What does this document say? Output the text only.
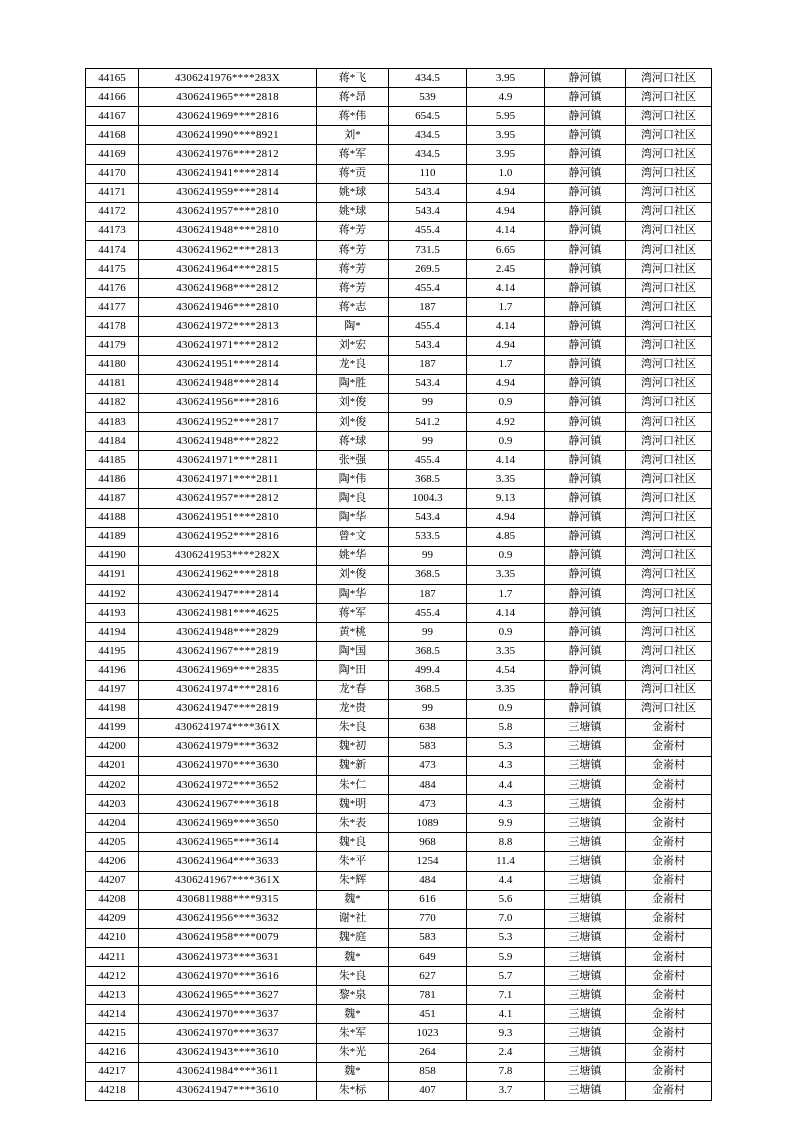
44165	4306241976****283X	蒋*飞	434.5	3.95	静河镇	湾河口社区
44166	4306241965****2818	蒋*昂	539	4.9	静河镇	湾河口社区
44167	4306241969****2816	蒋*伟	654.5	5.95	静河镇	湾河口社区
44168	4306241990****8921	刘*	434.5	3.95	静河镇	湾河口社区
44169	4306241976****2812	蒋*军	434.5	3.95	静河镇	湾河口社区
44170	4306241941****2814	蒋*贡	110	1.0	静河镇	湾河口社区
44171	4306241959****2814	姚*球	543.4	4.94	静河镇	湾河口社区
44172	4306241957****2810	姚*球	543.4	4.94	静河镇	湾河口社区
44173	4306241948****2810	蒋*芳	455.4	4.14	静河镇	湾河口社区
44174	4306241962****2813	蒋*芳	731.5	6.65	静河镇	湾河口社区
44175	4306241964****2815	蒋*芳	269.5	2.45	静河镇	湾河口社区
44176	4306241968****2812	蒋*芳	455.4	4.14	静河镇	湾河口社区
44177	4306241946****2810	蒋*志	187	1.7	静河镇	湾河口社区
44178	4306241972****2813	陶*	455.4	4.14	静河镇	湾河口社区
44179	4306241971****2812	刘*宏	543.4	4.94	静河镇	湾河口社区
44180	4306241951****2814	龙*良	187	1.7	静河镇	湾河口社区
44181	4306241948****2814	陶*胜	543.4	4.94	静河镇	湾河口社区
44182	4306241956****2816	刘*俊	99	0.9	静河镇	湾河口社区
44183	4306241952****2817	刘*俊	541.2	4.92	静河镇	湾河口社区
44184	4306241948****2822	蒋*球	99	0.9	静河镇	湾河口社区
44185	4306241971****2811	张*强	455.4	4.14	静河镇	湾河口社区
44186	4306241971****2811	陶*伟	368.5	3.35	静河镇	湾河口社区
44187	4306241957****2812	陶*良	1004.3	9.13	静河镇	湾河口社区
44188	4306241951****2810	陶*华	543.4	4.94	静河镇	湾河口社区
44189	4306241952****2816	曾*文	533.5	4.85	静河镇	湾河口社区
44190	4306241953****282X	姚*华	99	0.9	静河镇	湾河口社区
44191	4306241962****2818	刘*俊	368.5	3.35	静河镇	湾河口社区
44192	4306241947****2814	陶*华	187	1.7	静河镇	湾河口社区
44193	4306241981****4625	蒋*军	455.4	4.14	静河镇	湾河口社区
44194	4306241948****2829	黄*桃	99	0.9	静河镇	湾河口社区
44195	4306241967****2819	陶*国	368.5	3.35	静河镇	湾河口社区
44196	4306241969****2835	陶*田	499.4	4.54	静河镇	湾河口社区
44197	4306241974****2816	龙*春	368.5	3.35	静河镇	湾河口社区
44198	4306241947****2819	龙*贵	99	0.9	静河镇	湾河口社区
44199	4306241974****361X	朱*良	638	5.8	三塘镇	金嵛村
44200	4306241979****3632	魏*初	583	5.3	三塘镇	金嵛村
44201	4306241970****3630	魏*新	473	4.3	三塘镇	金嵛村
44202	4306241972****3652	朱*仁	484	4.4	三塘镇	金嵛村
44203	4306241967****3618	魏*明	473	4.3	三塘镇	金嵛村
44204	4306241969****3650	朱*表	1089	9.9	三塘镇	金嵛村
44205	4306241965****3614	魏*良	968	8.8	三塘镇	金嵛村
44206	4306241964****3633	朱*平	1254	11.4	三塘镇	金嵛村
44207	4306241967****361X	朱*辉	484	4.4	三塘镇	金嵛村
44208	4306811988****9315	魏*	616	5.6	三塘镇	金嵛村
44209	4306241956****3632	谢*社	770	7.0	三塘镇	金嵛村
44210	4306241958****0079	魏*庭	583	5.3	三塘镇	金嵛村
44211	4306241973****3631	魏*	649	5.9	三塘镇	金嵛村
44212	4306241970****3616	朱*良	627	5.7	三塘镇	金嵛村
44213	4306241965****3627	黎*泉	781	7.1	三塘镇	金嵛村
44214	4306241970****3637	魏*	451	4.1	三塘镇	金嵛村
44215	4306241970****3637	朱*军	1023	9.3	三塘镇	金嵛村
44216	4306241943****3610	朱*光	264	2.4	三塘镇	金嵛村
44217	4306241984****3611	魏*	858	7.8	三塘镇	金嵛村
44218	4306241947****3610	朱*标	407	3.7	三塘镇	金嵛村
